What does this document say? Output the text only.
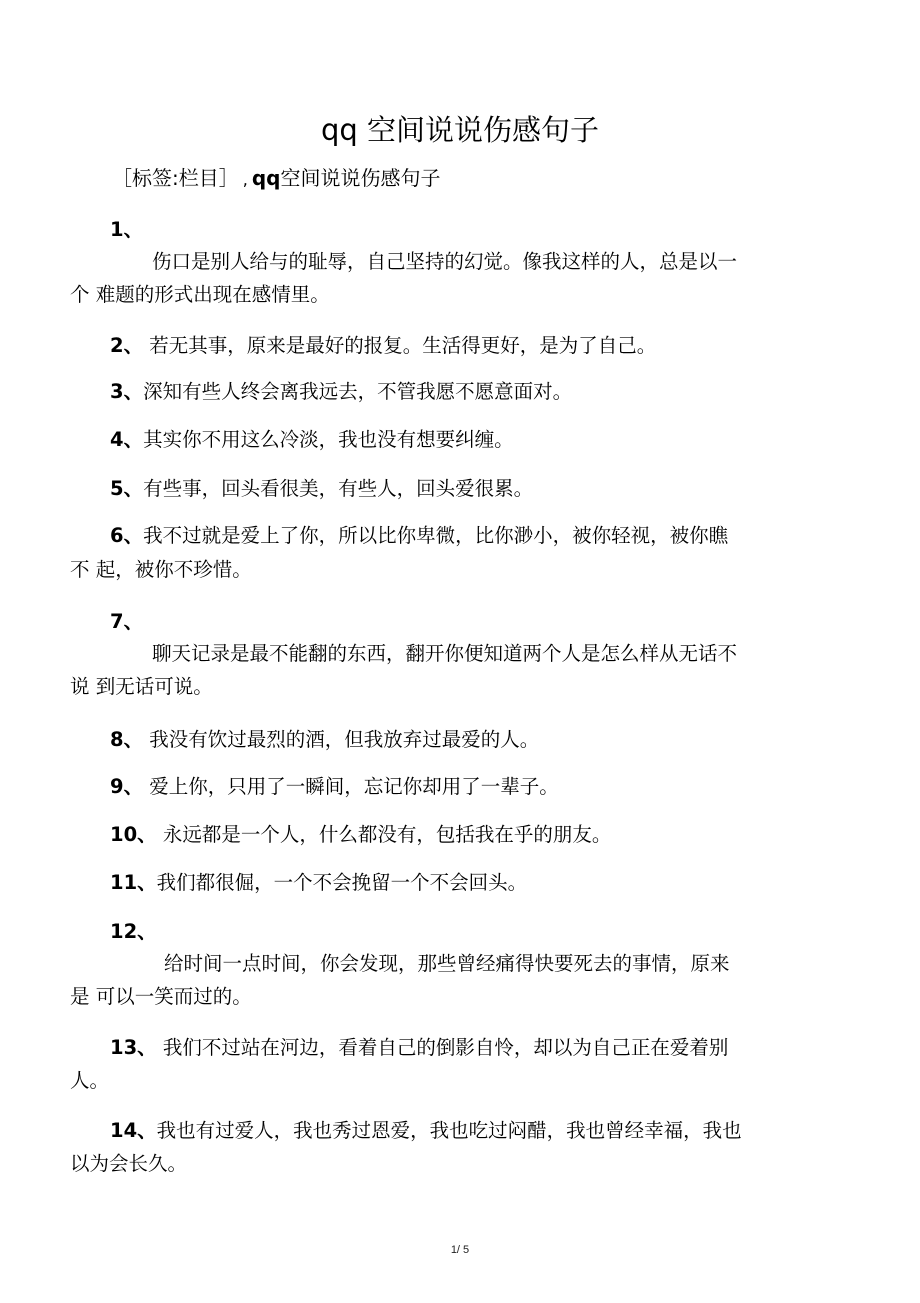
qq 空间说说伤感句子
［标签:栏目］ , qq空间说说伤感句子
1、
伤口是别人给与的耻辱，自己坚持的幻觉。像我这样的人，总是以一
个 难题的形式出现在感情里。
2、 若无其事，原来是最好的报复。生活得更好，是为了自己。
3、深知有些人终会离我远去，不管我愿不愿意面对。
4、其实你不用这么冷淡，我也没有想要纠缠。
5、有些事，回头看很美，有些人，回头爱很累。
6、我不过就是爱上了你，所以比你卑微，比你渺小，被你轻视，被你瞧
不 起，被你不珍惜。
7、
聊天记录是最不能翻的东西，翻开你便知道两个人是怎么样从无话不
说 到无话可说。
8、 我没有饮过最烈的酒，但我放弃过最爱的人。
9、 爱上你，只用了一瞬间，忘记你却用了一辈子。
10、 永远都是一个人，什么都没有，包括我在乎的朋友。
11、我们都很倔，一个不会挽留一个不会回头。
12、
给时间一点时间，你会发现，那些曾经痛得快要死去的事情，原来
是 可以一笑而过的。
13、 我们不过站在河边，看着自己的倒影自怜，却以为自己正在爱着别
人。
14、我也有过爱人，我也秀过恩爱，我也吃过闷醋，我也曾经幸福，我也
以为会长久。
1/ 5
